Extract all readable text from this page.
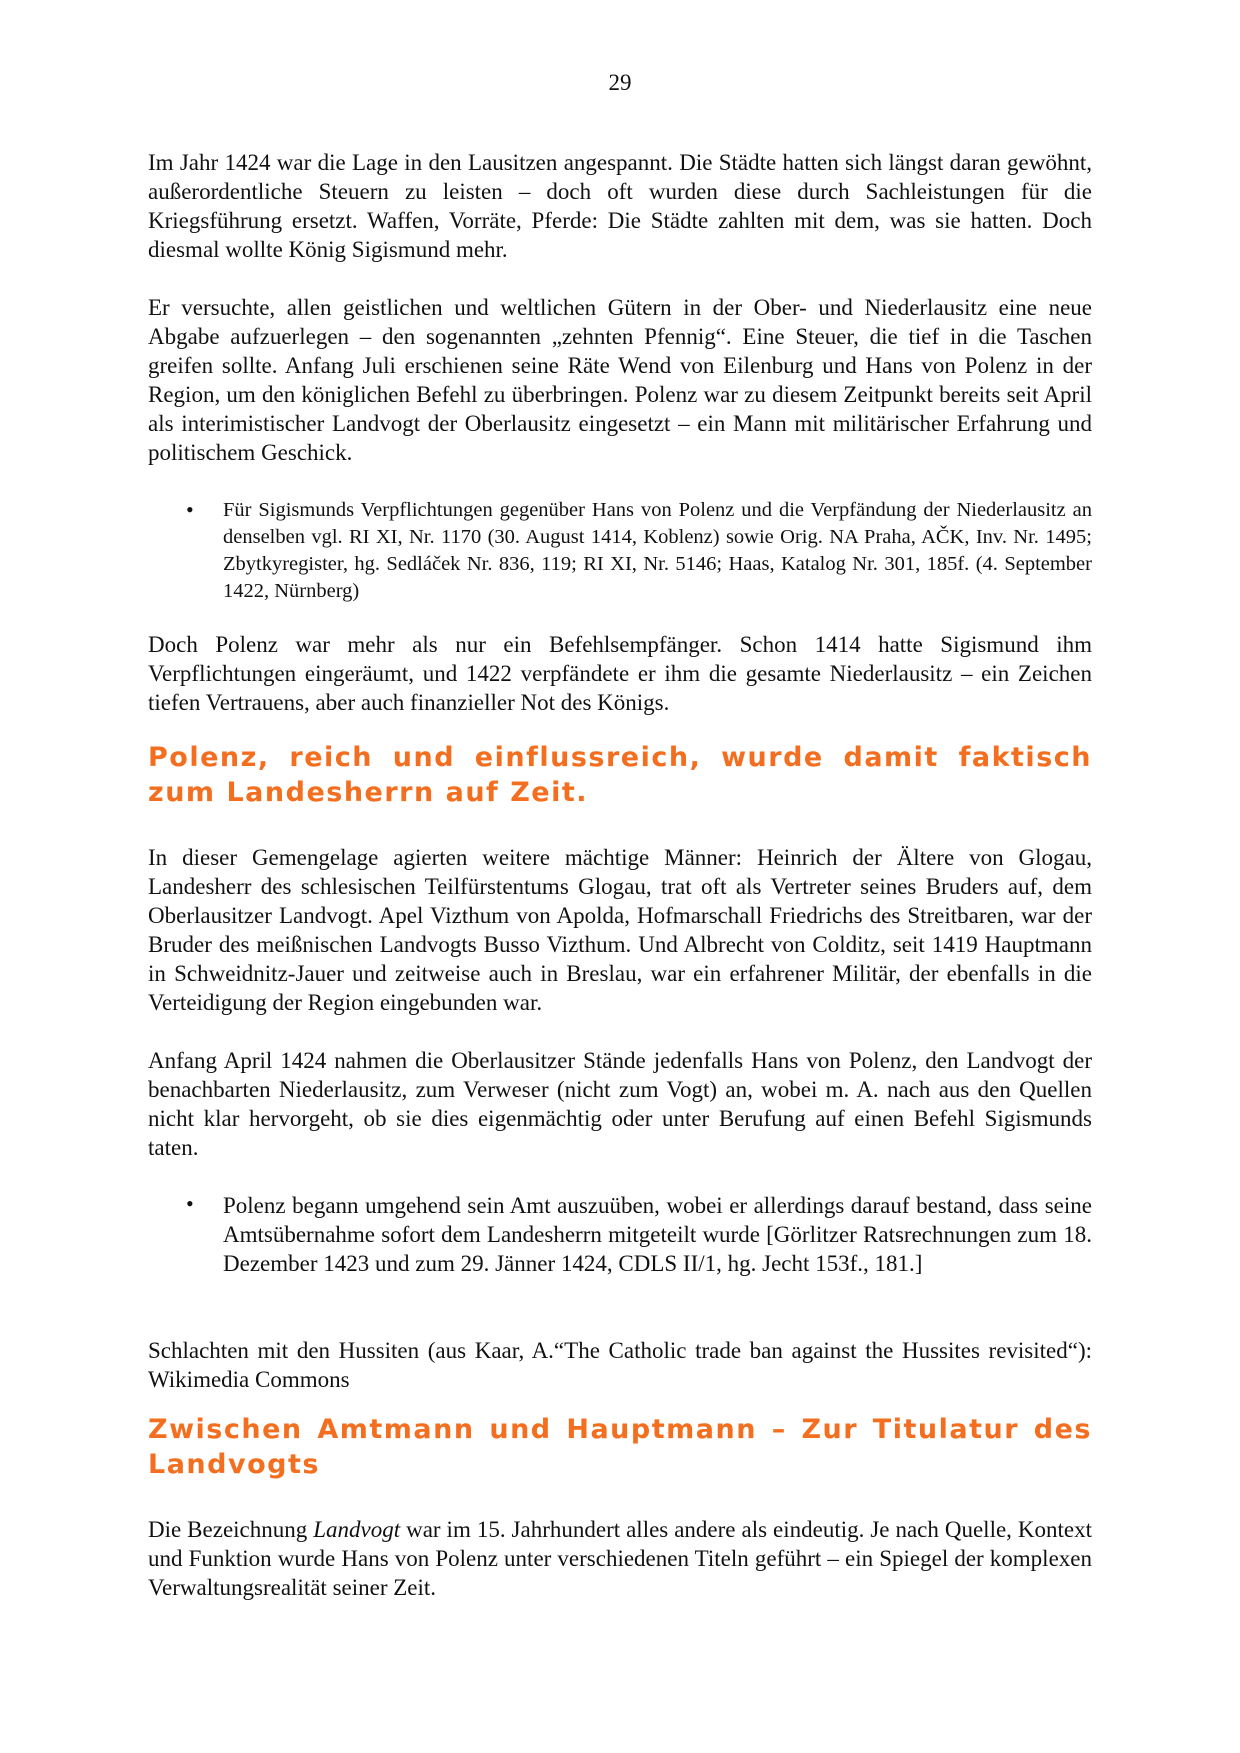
29

Im Jahr 1424 war die Lage in den Lausitzen angespannt. Die Städte hatten sich längst daran gewöhnt, außerordentliche Steuern zu leisten – doch oft wurden diese durch Sachleistungen für die Kriegsführung ersetzt. Waffen, Vorräte, Pferde: Die Städte zahlten mit dem, was sie hatten. Doch diesmal wollte König Sigismund mehr.

Er versuchte, allen geistlichen und weltlichen Gütern in der Ober- und Niederlausitz eine neue Abgabe aufzuerlegen – den sogenannten „zehnten Pfennig“. Eine Steuer, die tief in die Taschen greifen sollte. Anfang Juli erschienen seine Räte Wend von Eilenburg und Hans von Polenz in der Region, um den königlichen Befehl zu überbringen. Polenz war zu diesem Zeitpunkt bereits seit April als interimistischer Landvogt der Oberlausitz eingesetzt – ein Mann mit militärischer Erfahrung und politischem Geschick.

• Für Sigismunds Verpflichtungen gegenüber Hans von Polenz und die Verpfändung der Niederlausitz an denselben vgl. RI XI, Nr. 1170 (30. August 1414, Koblenz) sowie Orig. NA Praha, AČK, Inv. Nr. 1495; Zbytkyregister, hg. Sedláček Nr. 836, 119; RI XI, Nr. 5146; Haas, Katalog Nr. 301, 185f. (4. September 1422, Nürnberg)

Doch Polenz war mehr als nur ein Befehlsempfänger. Schon 1414 hatte Sigismund ihm Verpflichtungen eingeräumt, und 1422 verpfändete er ihm die gesamte Niederlausitz – ein Zeichen tiefen Vertrauens, aber auch finanzieller Not des Königs.

Polenz, reich und einflussreich, wurde damit faktisch zum Landesherrn auf Zeit.

In dieser Gemengelage agierten weitere mächtige Männer: Heinrich der Ältere von Glogau, Landesherr des schlesischen Teilfürstentums Glogau, trat oft als Vertreter seines Bruders auf, dem Oberlausitzer Landvogt. Apel Vizthum von Apolda, Hofmarschall Friedrichs des Streitbaren, war der Bruder des meißnischen Landvogts Busso Vizthum. Und Albrecht von Colditz, seit 1419 Hauptmann in Schweidnitz-Jauer und zeitweise auch in Breslau, war ein erfahrener Militär, der ebenfalls in die Verteidigung der Region eingebunden war.

Anfang April 1424 nahmen die Oberlausitzer Stände jedenfalls Hans von Polenz, den Landvogt der benachbarten Niederlausitz, zum Verweser (nicht zum Vogt) an, wobei m. A. nach aus den Quellen nicht klar hervorgeht, ob sie dies eigenmächtig oder unter Berufung auf einen Befehl Sigismunds taten.

• Polenz begann umgehend sein Amt auszuüben, wobei er allerdings darauf bestand, dass seine Amtsübernahme sofort dem Landesherrn mitgeteilt wurde [Görlitzer Ratsrechnungen zum 18. Dezember 1423 und zum 29. Jänner 1424, CDLS II/1, hg. Jecht 153f., 181.]

Schlachten mit den Hussiten (aus Kaar, A.“The Catholic trade ban against the Hussites revisited“): Wikimedia Commons

Zwischen Amtmann und Hauptmann – Zur Titulatur des Landvogts

Die Bezeichnung Landvogt war im 15. Jahrhundert alles andere als eindeutig. Je nach Quelle, Kontext und Funktion wurde Hans von Polenz unter verschiedenen Titeln geführt – ein Spiegel der komplexen Verwaltungsrealität seiner Zeit.
